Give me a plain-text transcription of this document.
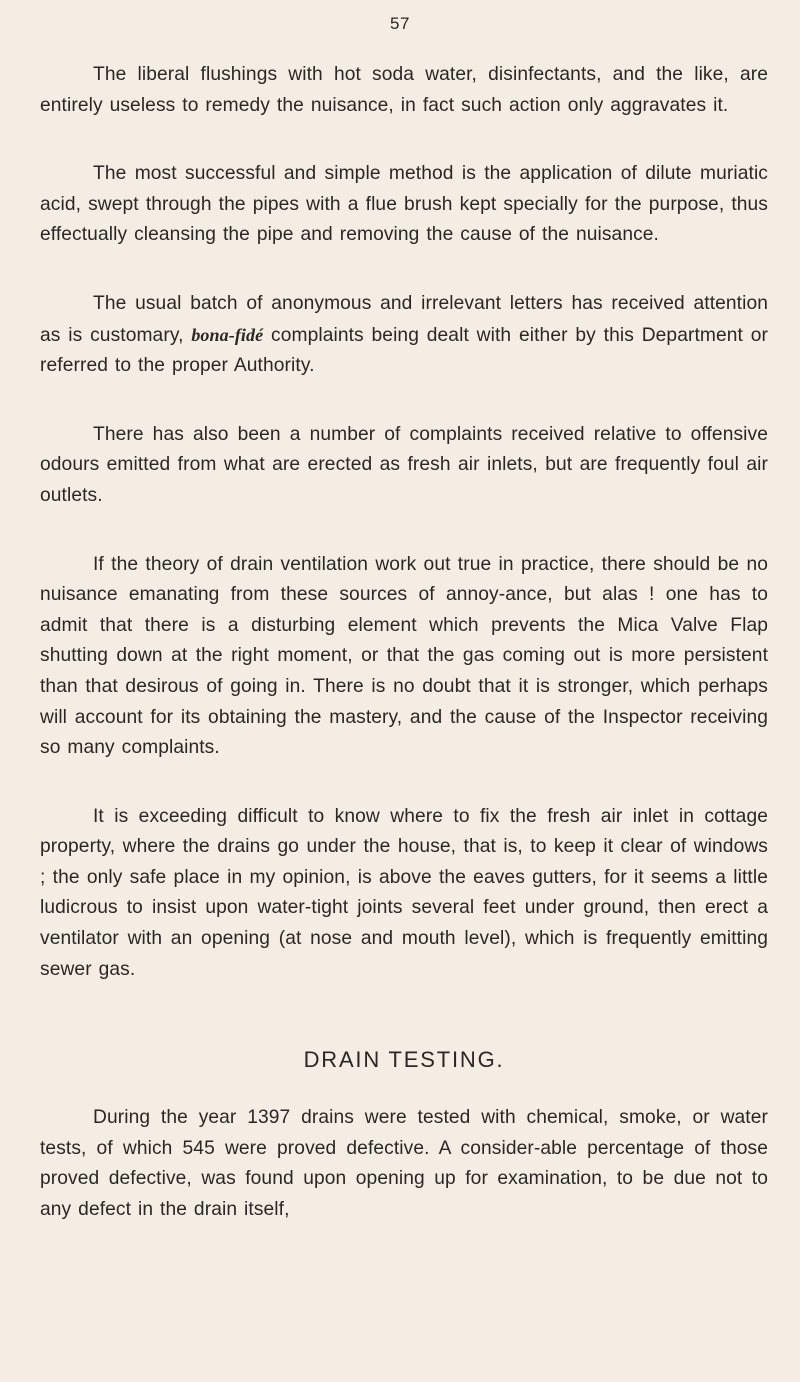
57

The liberal flushings with hot soda water, disinfectants, and the like, are entirely useless to remedy the nuisance, in fact such action only aggravates it.

The most successful and simple method is the application of dilute muriatic acid, swept through the pipes with a flue brush kept specially for the purpose, thus effectually cleansing the pipe and removing the cause of the nuisance.

The usual batch of anonymous and irrelevant letters has received attention as is customary, bona-fidé complaints being dealt with either by this Department or referred to the proper Authority.

There has also been a number of complaints received relative to offensive odours emitted from what are erected as fresh air inlets, but are frequently foul air outlets.

If the theory of drain ventilation work out true in practice, there should be no nuisance emanating from these sources of annoy-ance, but alas ! one has to admit that there is a disturbing element which prevents the Mica Valve Flap shutting down at the right moment, or that the gas coming out is more persistent than that desirous of going in. There is no doubt that it is stronger, which perhaps will account for its obtaining the mastery, and the cause of the Inspector receiving so many complaints.

It is exceeding difficult to know where to fix the fresh air inlet in cottage property, where the drains go under the house, that is, to keep it clear of windows ; the only safe place in my opinion, is above the eaves gutters, for it seems a little ludicrous to insist upon water-tight joints several feet under ground, then erect a ventilator with an opening (at nose and mouth level), which is frequently emitting sewer gas.

DRAIN TESTING.

During the year 1397 drains were tested with chemical, smoke, or water tests, of which 545 were proved defective. A consider-able percentage of those proved defective, was found upon opening up for examination, to be due not to any defect in the drain itself,
